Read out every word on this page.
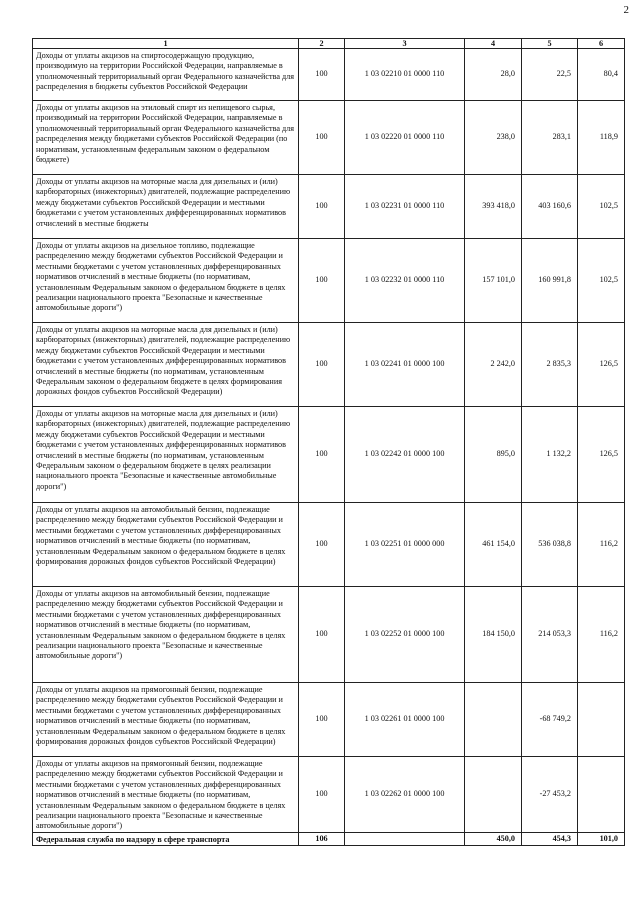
2
1	2	3	4	5	6
Доходы от уплаты акцизов на спиртосодержащую продукцию, производимую на территории Российской Федерации, направляемые в уполномоченный территориальный орган Федерального казначейства для распределения в бюджеты субъектов Российской Федерации	100	1 03 02210 01 0000 110	28,0	22,5	80,4
Доходы от уплаты акцизов на этиловый спирт из непищевого сырья, производимый на территории Российской Федерации, направляемые в уполномоченный территориальный орган Федерального казначейства для распределения между бюджетами субъектов Российской Федерации (по нормативам, установленным федеральным законом о федеральном бюджете)	100	1 03 02220 01 0000 110	238,0	283,1	118,9
Доходы от уплаты акцизов на моторные масла для дизельных и (или) карбюраторных (инжекторных) двигателей, подлежащие распределению между бюджетами субъектов Российской Федерации и местными бюджетами с учетом установленных дифференцированных нормативов отчислений в местные бюджеты	100	1 03 02231 01 0000 110	393 418,0	403 160,6	102,5
Доходы от уплаты акцизов на дизельное топливо, подлежащие распределению между бюджетами субъектов Российской Федерации и местными бюджетами с учетом установленных дифференцированных нормативов отчислений в местные бюджеты (по нормативам, установленным Федеральным законом о федеральном бюджете в целях реализации национального проекта "Безопасные и качественные автомобильные дороги")	100	1 03 02232 01 0000 110	157 101,0	160 991,8	102,5
Доходы от уплаты акцизов на моторные масла для дизельных и (или) карбюраторных (инжекторных) двигателей, подлежащие распределению между бюджетами субъектов Российской Федерации и местными бюджетами с учетом установленных дифференцированных нормативов отчислений в местные бюджеты (по нормативам, установленным Федеральным законом о федеральном бюджете в целях формирования дорожных фондов субъектов Российской Федерации)	100	1 03 02241 01 0000 100	2 242,0	2 835,3	126,5
Доходы от уплаты акцизов на моторные масла для дизельных и (или) карбюраторных (инжекторных) двигателей, подлежащие распределению между бюджетами субъектов Российской Федерации и местными бюджетами с учетом установленных дифференцированных нормативов отчислений в местные бюджеты (по нормативам, установленным Федеральным законом о федеральном бюджете в целях реализации национального проекта "Безопасные и качественные автомобильные дороги")	100	1 03 02242 01 0000 100	895,0	1 132,2	126,5
Доходы от уплаты акцизов на автомобильный бензин, подлежащие распределению между бюджетами субъектов Российской Федерации и местными бюджетами с учетом установленных дифференцированных нормативов отчислений в местные бюджеты (по нормативам, установленным Федеральным законом о федеральном бюджете в целях формирования дорожных фондов субъектов Российской Федерации)	100	1 03 02251 01 0000 000	461 154,0	536 038,8	116,2
Доходы от уплаты акцизов на автомобильный бензин, подлежащие распределению между бюджетами субъектов Российской Федерации и местными бюджетами с учетом установленных дифференцированных нормативов отчислений в местные бюджеты (по нормативам, установленным Федеральным законом о федеральном бюджете в целях реализации национального проекта "Безопасные и качественные автомобильные дороги")	100	1 03 02252 01 0000 100	184 150,0	214 053,3	116,2
Доходы от уплаты акцизов на прямогонный бензин, подлежащие распределению между бюджетами субъектов Российской Федерации и местными бюджетами с учетом установленных дифференцированных нормативов отчислений в местные бюджеты (по нормативам, установленным Федеральным законом о федеральном бюджете в целях формирования дорожных фондов субъектов Российской Федерации)	100	1 03 02261 01 0000 100		-68 749,2	
Доходы от уплаты акцизов на прямогонный бензин, подлежащие распределению между бюджетами субъектов Российской Федерации и местными бюджетами с учетом установленных дифференцированных нормативов отчислений в местные бюджеты (по нормативам, установленным Федеральным законом о федеральном бюджете в целях реализации национального проекта "Безопасные и качественные автомобильные дороги")	100	1 03 02262 01 0000 100		-27 453,2	
Федеральная служба по надзору в сфере транспорта	106		450,0	454,3	101,0
